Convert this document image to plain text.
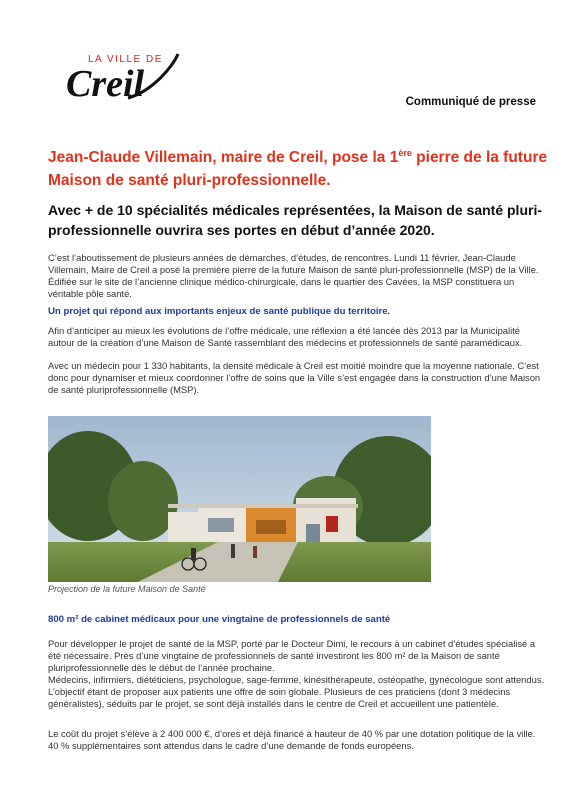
LA VILLE DE
Creil	Communiqué de presse
Jean-Claude Villemain, maire de Creil, pose la 1ère pierre de la future Maison de santé pluri-professionnelle.
Avec + de 10 spécialités médicales représentées, la Maison de santé pluri-professionnelle ouvrira ses portes en début d’année 2020.

C’est l’aboutissement de plusieurs années de démarches, d’études, de rencontres. Lundi 11 février, Jean-Claude Villemain, Maire de Creil a posé la première pierre de la future Maison de santé pluri-professionnelle (MSP) de la Ville. Édifiée sur le site de l’ancienne clinique médico-chirurgicale, dans le quartier des Cavées, la MSP constituera un véritable pôle santé.

Un projet qui répond aux importants enjeux de santé publique du territoire.

Afin d’anticiper au mieux les évolutions de l’offre médicale, une réflexion a été lancée dès 2013 par la Municipalité autour de la création d’une Maison de Santé rassemblant des médecins et professionnels de santé paramédicaux.

Avec un médecin pour 1 330 habitants, la densité médicale à Creil est moitié moindre que la moyenne nationale. C’est donc pour dynamiser et mieux coordonner l’offre de soins que la Ville s’est engagée dans la construction d’une Maison de santé pluriprofessionnelle (MSP).

Projection de la future Maison de Santé
800 m² de cabinet médicaux pour une vingtaine de professionnels de santé

Pour développer le projet de santé de la MSP, porté par le Docteur Dimi, le recours à un cabinet d’études spécialisé a été nécessaire. Près d’une vingtaine de professionnels de santé investiront les 800 m² de la Maison de santé pluriprofessionnelle dès le début de l’année prochaine.

Médecins, infirmiers, diététiciens, psychologue, sage-femme, kinésithérapeute, ostéopathe, gynécologue sont attendus. L’objectif étant de proposer aux patients une offre de soin globale. Plusieurs de ces praticiens (dont 3 médecins généralistes), séduits par le projet, se sont déjà installés dans le centre de Creil et accueillent une patientèle.

Le coût du projet s’élève à 2 400 000 €, d’ores et déjà financé à hauteur de 40 % par une dotation politique de la ville. 40 % supplémentaires sont attendus dans le cadre d’une demande de fonds européens.
